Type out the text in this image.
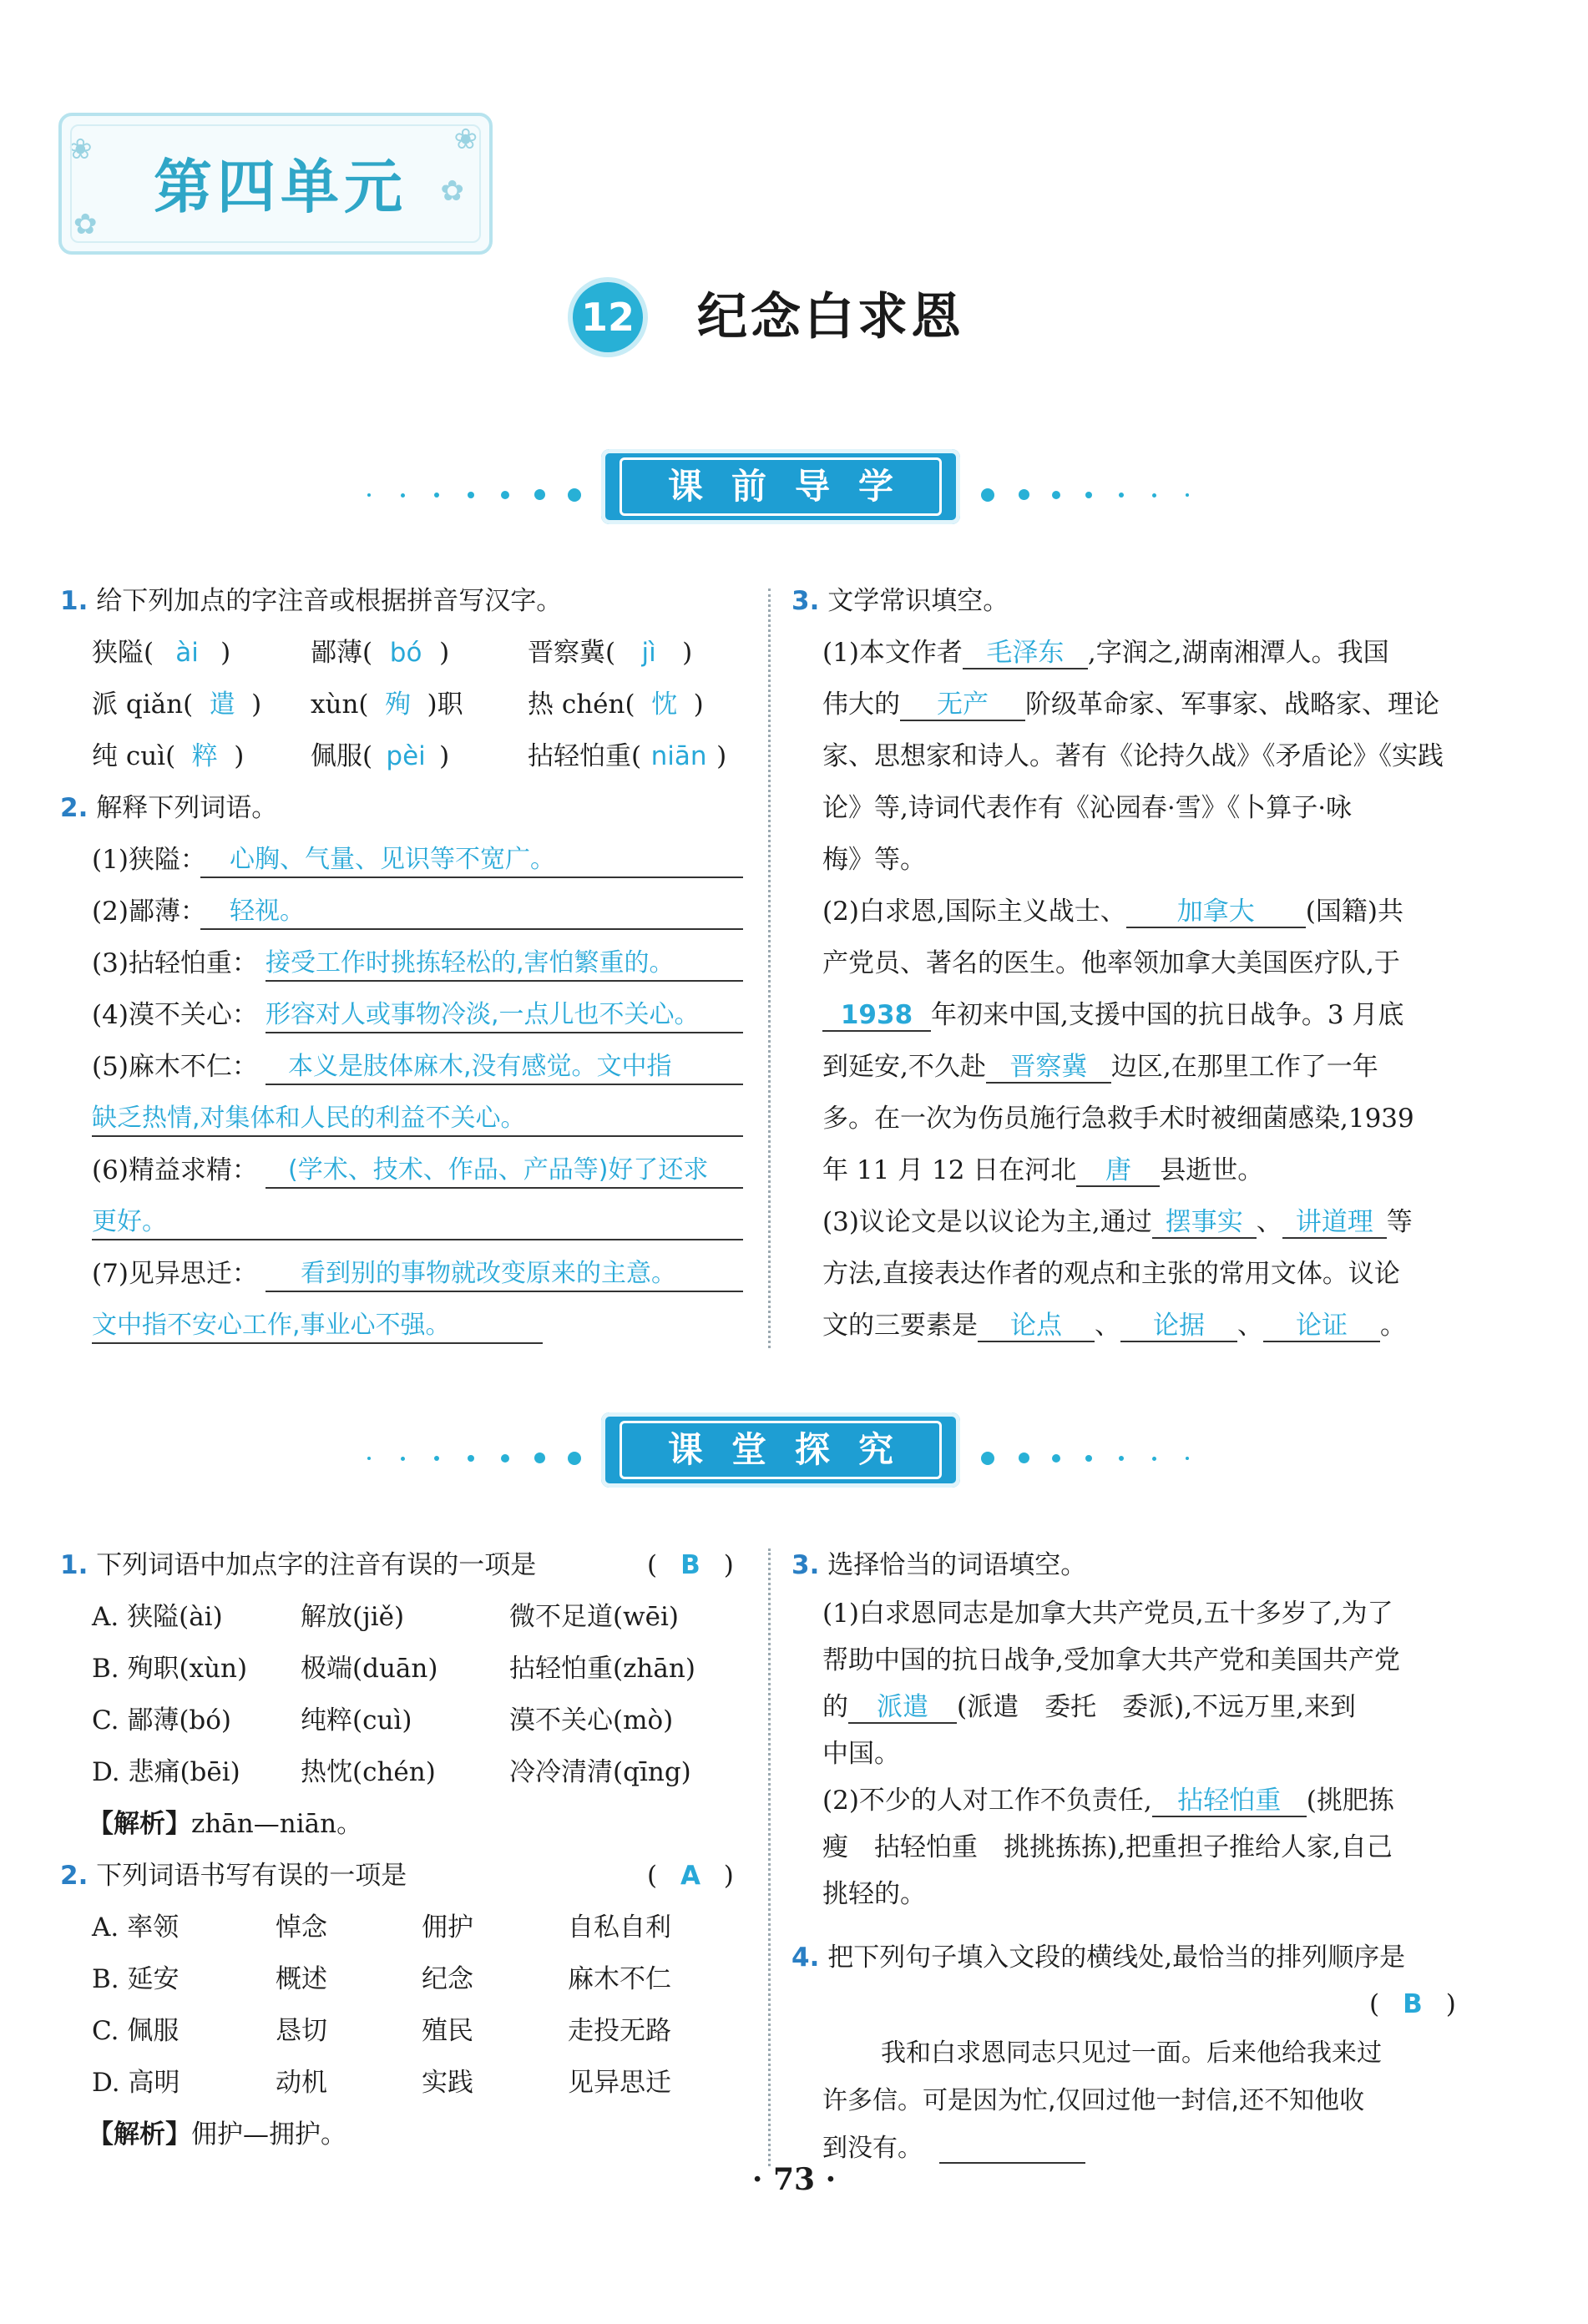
❀
✿
❀
✿
第四单元
12 纪念白求恩
课前导学
1. 给下列加点的字注音或根据拼音写汉字。
狭隘( ài )	鄙薄( bó )	晋察冀( jì )
派 qiǎn( 遣 ) xùn( 殉 )职 热 chén( 忱 )
纯 cuì( 粹 )	佩服( pèi )	拈轻怕重( niān )
2. 解释下列词语。
(1)狭隘： 心胸、气量、见识等不宽广。
(2)鄙薄： 轻视。
(3)拈轻怕重： 接受工作时挑拣轻松的,害怕繁重的。
(4)漠不关心： 形容对人或事物冷淡,一点儿也不关心。
(5)麻木不仁： 本义是肢体麻木,没有感觉。文中指
缺乏热情,对集体和人民的利益不关心。
(6)精益求精： (学术、技术、作品、产品等)好了还求
更好。
(7)见异思迁： 看到别的事物就改变原来的主意。
文中指不安心工作,事业心不强。
3. 文学常识填空。
(1)本文作者 毛泽东 ,字润之,湖南湘潭人。我国
伟大的 无产 阶级革命家、军事家、战略家、理论
家、思想家和诗人。著有《论持久战》《矛盾论》《实践
论》等,诗词代表作有《沁园春·雪》《卜算子·咏
梅》等。
(2)白求恩,国际主义战士、 加拿大 (国籍)共
产党员、著名的医生。他率领加拿大美国医疗队,于
1938 年初来中国,支援中国的抗日战争。3 月底
到延安,不久赴 晋察冀 边区,在那里工作了一年
多。在一次为伤员施行急救手术时被细菌感染,1939
年 11 月 12 日在河北 唐 县逝世。
(3)议论文是以议论为主,通过 摆事实 、 讲道理 等
方法,直接表达作者的观点和主张的常用文体。议论
文的三要素是 论点 、 论据 、 论证 。
课堂探究
1. 下列词语中加点字的注音有误的一项是	( B )
A. 狭隘(ài)	解放(jiě)	微不足道(wēi)
B. 殉职(xùn) 极端(duān)	拈轻怕重(zhān)
C. 鄙薄(bó)	纯粹(cuì)	漠不关心(mò)
D. 悲痛(bēi) 热忱(chén)	冷冷清清(qīng)
【解析】zhān—niān。
2. 下列词语书写有误的一项是	( A )
A. 率领	悼念	佣护	自私自利
B. 延安	概述	纪念	麻木不仁
C. 佩服	恳切	殖民	走投无路
D. 高明	动机	实践	见异思迁
【解析】佣护—拥护。
3. 选择恰当的词语填空。
(1)白求恩同志是加拿大共产党员,五十多岁了,为了
帮助中国的抗日战争,受加拿大共产党和美国共产党
的 派遣 (派遣　委托　委派),不远万里,来到
中国。
(2)不少的人对工作不负责任, 拈轻怕重 (挑肥拣
瘦　拈轻怕重　挑挑拣拣),把重担子推给人家,自己
挑轻的。
4. 把下列句子填入文段的横线处,最恰当的排列顺序是
( B )
我和白求恩同志只见过一面。后来他给我来过
许多信。可是因为忙,仅回过他一封信,还不知他收
到没有。
· 73 ·
